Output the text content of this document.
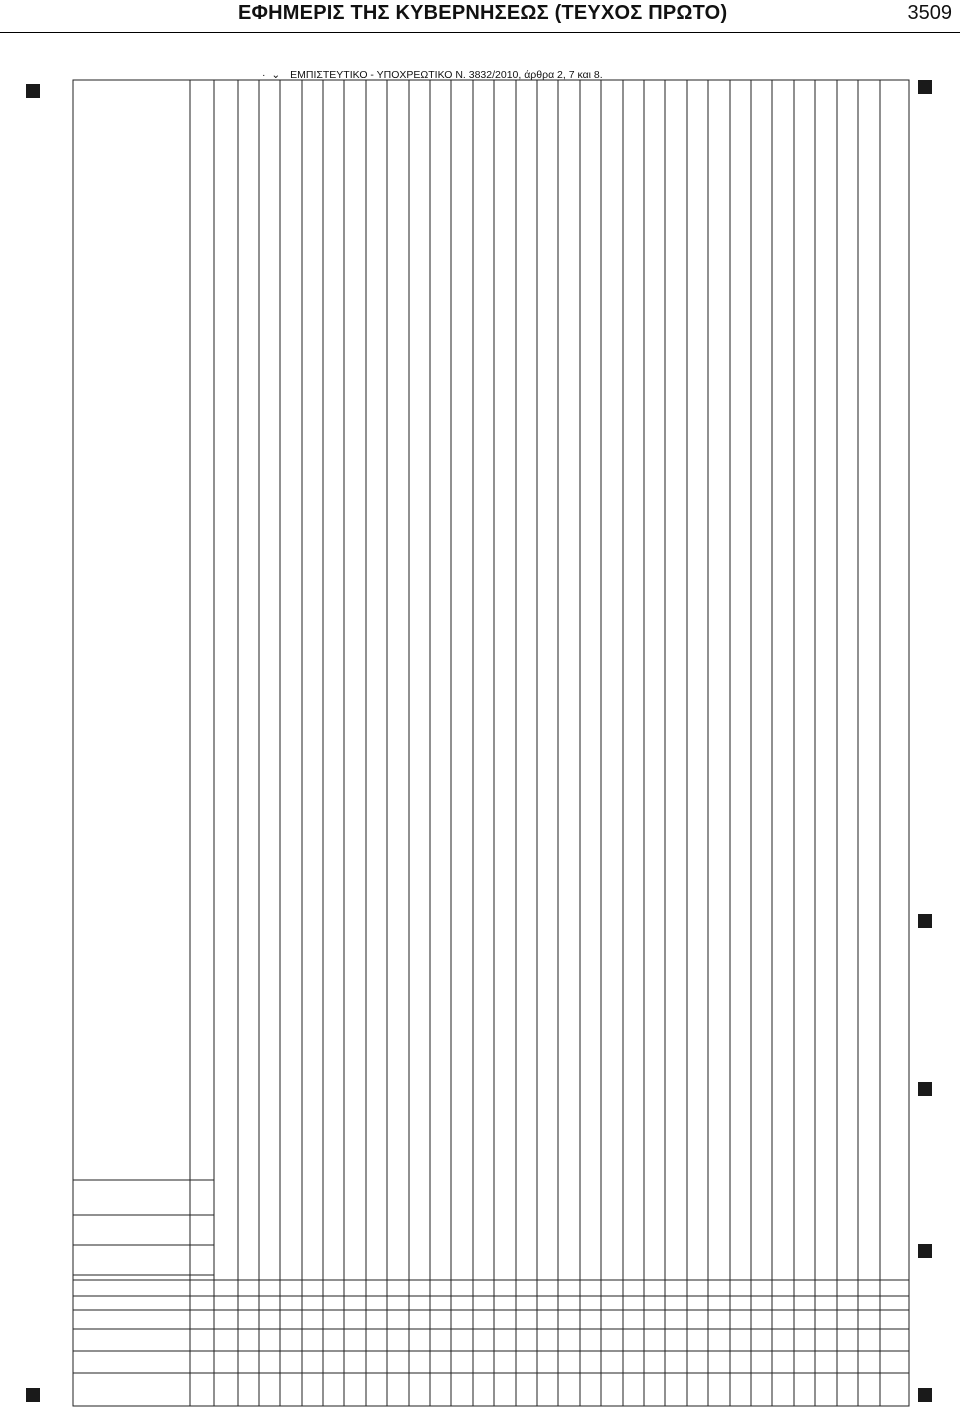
ΕΦΗΜΕΡΙΣ ΤΗΣ ΚΥΒΕΡΝΗΣΕΩΣ (ΤΕΥΧΟΣ ΠΡΩΤΟ)	3509
·  ⌄ ΕΜΠΙΣΤΕΥΤΙΚΟ - ΥΠΟΧΡΕΩΤΙΚΟ Ν. 3832/2010, άρθρα 2, 7 και 8.
